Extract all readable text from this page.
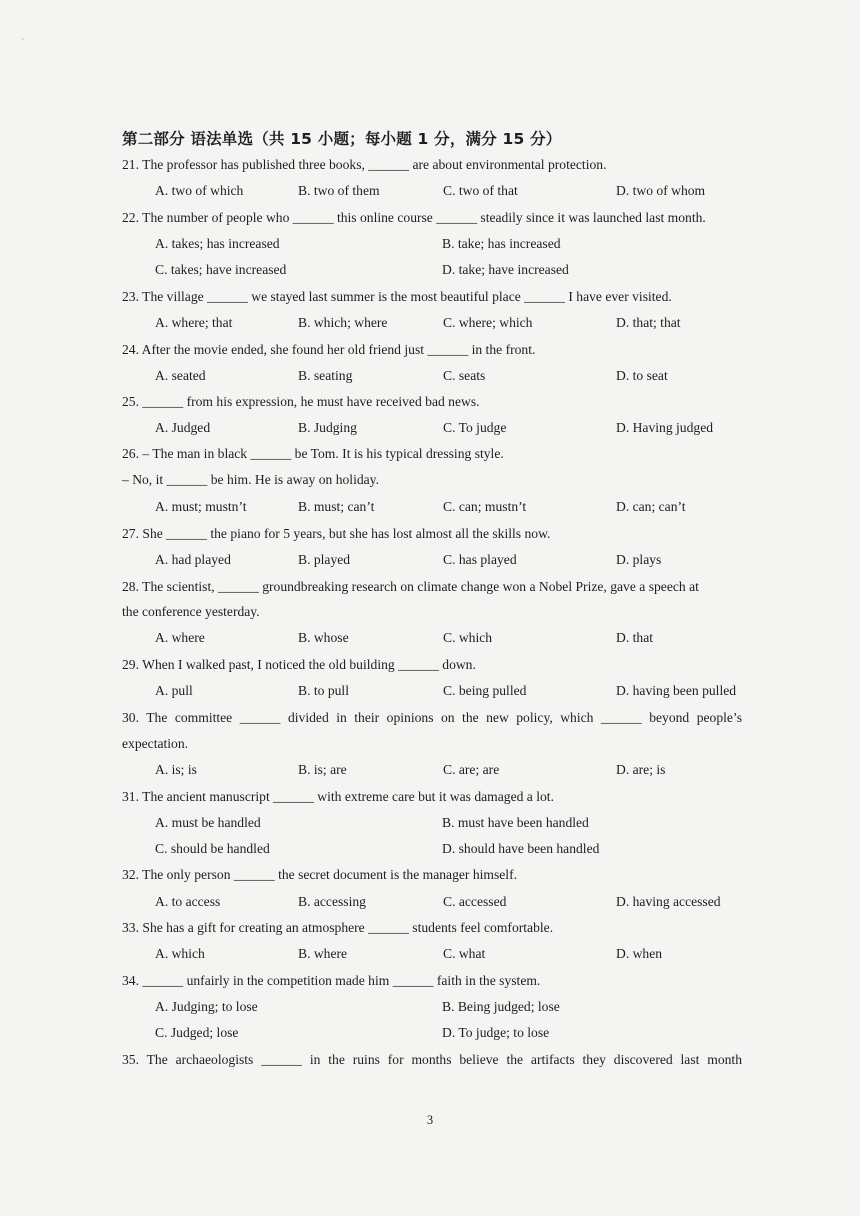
第二部分 语法单选（共 15 小题；每小题 1 分，满分 15 分）
21. The professor has published three books, ______ are about environmental protection.
A. two of which	B. two of them	C. two of that	D. two of whom
22. The number of people who ______ this online course ______ steadily since it was launched last month.
A. takes; has increased	B. take; has increased
C. takes; have increased	D. take; have increased
23. The village ______ we stayed last summer is the most beautiful place ______ I have ever visited.
A. where; that	B. which; where	C. where; which	D. that; that
24. After the movie ended, she found her old friend just ______ in the front.
A. seated	B. seating	C. seats	D. to seat
25. ______ from his expression, he must have received bad news.
A. Judged	B. Judging	C. To judge	D. Having judged
26. – The man in black ______ be Tom. It is his typical dressing style.
– No, it ______ be him. He is away on holiday.
A. must; mustn’t	B. must; can’t	C. can; mustn’t	D. can; can’t
27. She ______ the piano for 5 years, but she has lost almost all the skills now.
A. had played	B. played	C. has played	D. plays
28. The scientist, ______ groundbreaking research on climate change won a Nobel Prize, gave a speech at
the conference yesterday.
A. where	B. whose	C. which	D. that
29. When I walked past, I noticed the old building ______ down.
A. pull	B. to pull	C. being pulled	D. having been pulled
30. The committee ______ divided in their opinions on the new policy, which ______ beyond people’s
expectation.
A. is; is	B. is; are	C. are; are	D. are; is
31. The ancient manuscript ______ with extreme care but it was damaged a lot.
A. must be handled	B. must have been handled
C. should be handled	D. should have been handled
32. The only person ______ the secret document is the manager himself.
A. to access	B. accessing	C. accessed	D. having accessed
33. She has a gift for creating an atmosphere ______ students feel comfortable.
A. which	B. where	C. what	D. when
34. ______ unfairly in the competition made him ______ faith in the system.
A. Judging; to lose	B. Being judged; lose
C. Judged; lose	D. To judge; to lose
35. The archaeologists ______ in the ruins for months believe the artifacts they discovered last month
3
